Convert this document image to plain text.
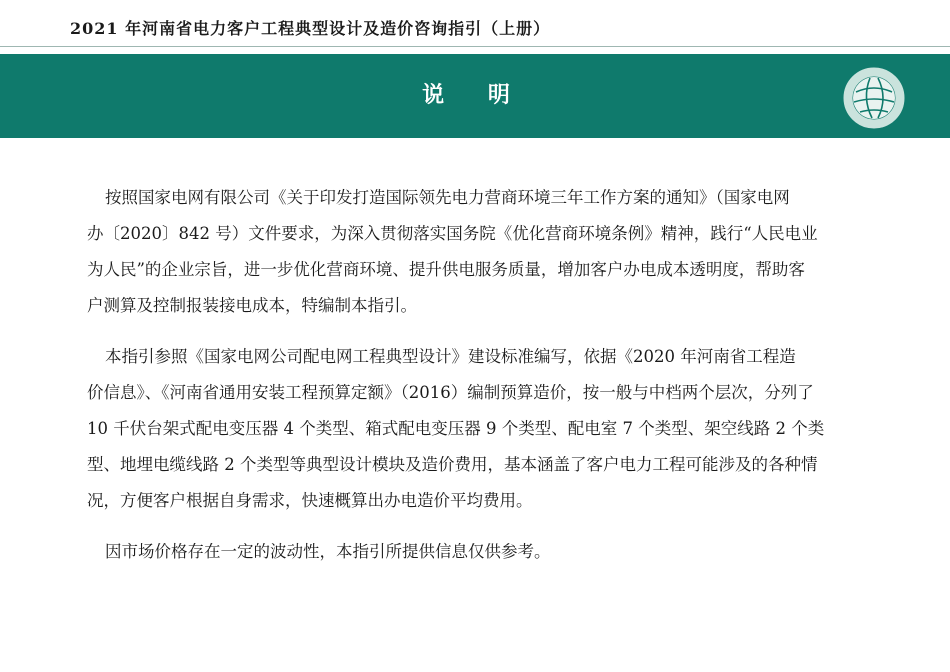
2021 年河南省电力客户工程典型设计及造价咨询指引（上册）
说 明
按照国家电网有限公司《关于印发打造国际领先电力营商环境三年工作方案的通知》（国家电网
办〔2020〕842 号）文件要求，为深入贯彻落实国务院《优化营商环境条例》精神，践行“人民电业
为人民”的企业宗旨，进一步优化营商环境、提升供电服务质量，增加客户办电成本透明度，帮助客
户测算及控制报装接电成本，特编制本指引。
本指引参照《国家电网公司配电网工程典型设计》建设标准编写，依据《2020 年河南省工程造
价信息》、《河南省通用安装工程预算定额》（2016）编制预算造价，按一般与中档两个层次，分列了
10 千伏台架式配电变压器 4 个类型、箱式配电变压器 9 个类型、配电室 7 个类型、架空线路 2 个类
型、地埋电缆线路 2 个类型等典型设计模块及造价费用，基本涵盖了客户电力工程可能涉及的各种情
况，方便客户根据自身需求，快速概算出办电造价平均费用。
因市场价格存在一定的波动性，本指引所提供信息仅供参考。
